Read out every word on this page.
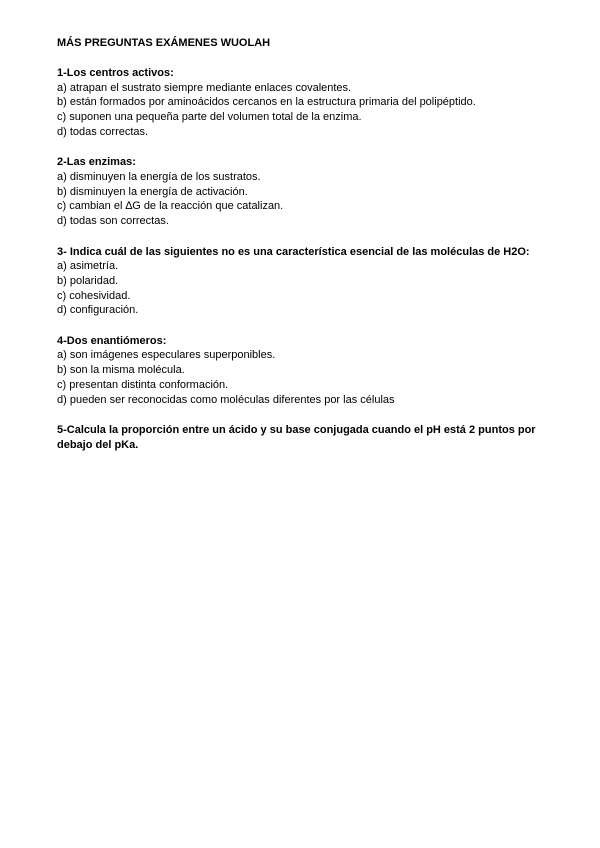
MÁS PREGUNTAS EXÁMENES WUOLAH
1-Los centros activos:
a) atrapan el sustrato siempre mediante enlaces covalentes.
b) están formados por aminoácidos cercanos en la estructura primaria del polipéptido.
c) suponen una pequeña parte del volumen total de la enzima.
d) todas correctas.
2-Las enzimas:
a) disminuyen la energía de los sustratos.
b) disminuyen la energía de activación.
c) cambian el ∆G de la reacción que catalizan.
d) todas son correctas.
3- Indica cuál de las siguientes no es una característica esencial de las moléculas de H2O:
a) asimetría.
b) polaridad.
c) cohesividad.
d) configuración.
4-Dos enantiómeros:
a) son imágenes especulares superponibles.
b) son la misma molécula.
c) presentan distinta conformación.
d) pueden ser reconocidas como moléculas diferentes por las células
5-Calcula la proporción entre un ácido y su base conjugada cuando el pH está 2 puntos por debajo del pKa.
